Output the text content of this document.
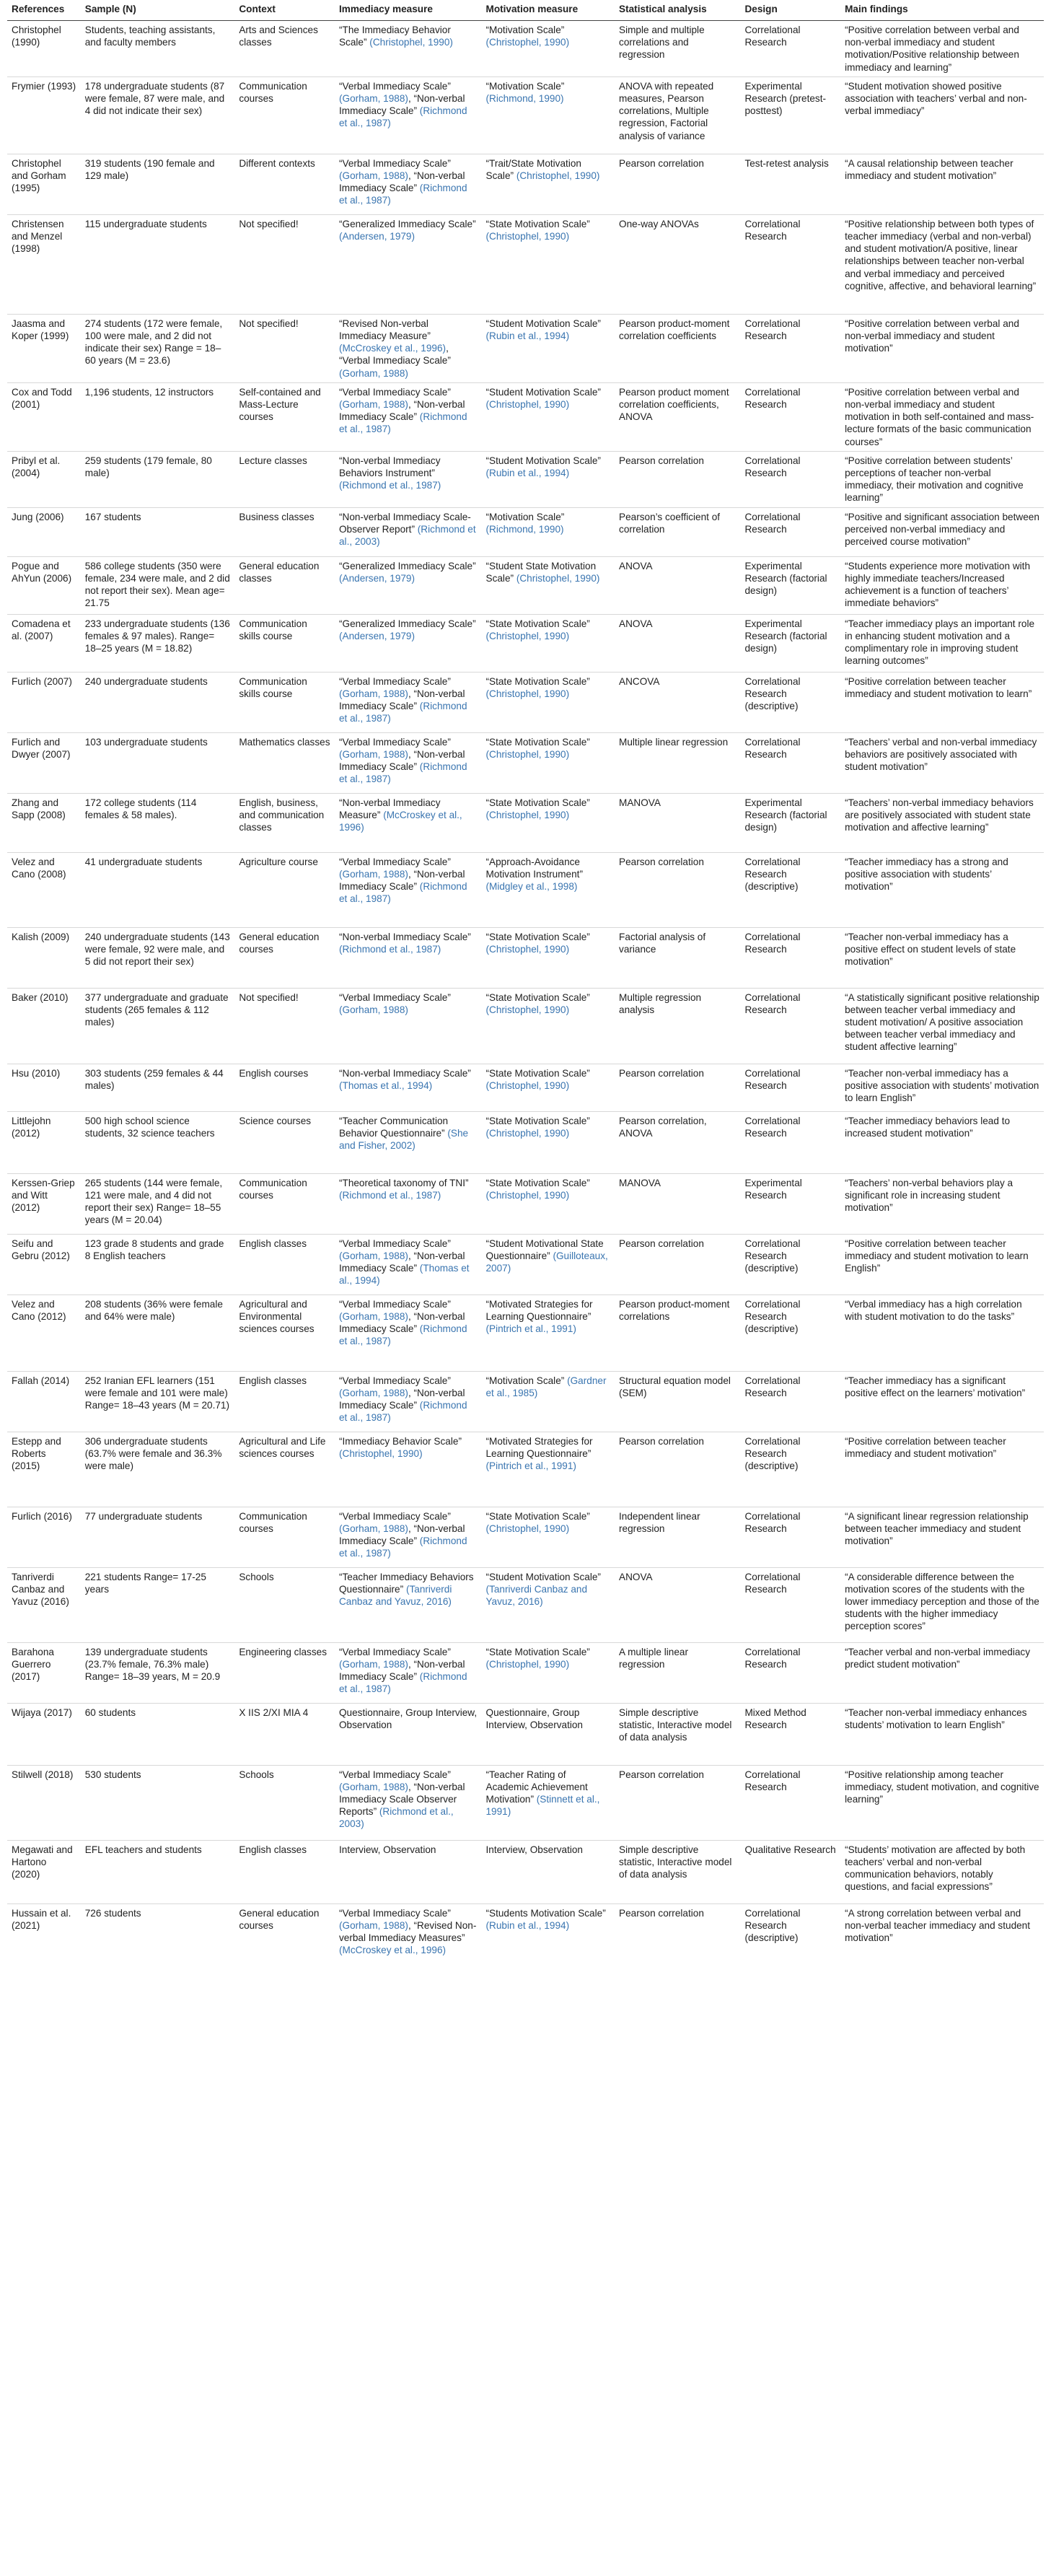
References	Sample (N)	Context	Immediacy measure	Motivation measure	Statistical analysis	Design	Main findings
Christophel (1990)	Students, teaching assistants, and faculty members	Arts and Sciences classes	“The Immediacy Behavior Scale” (Christophel, 1990)	“Motivation Scale” (Christophel, 1990)	Simple and multiple correlations and regression	Correlational Research	“Positive correlation between verbal and non-verbal immediacy and student motivation/Positive relationship between immediacy and learning”
Frymier (1993)	178 undergraduate students (87 were female, 87 were male, and 4 did not indicate their sex)	Communication courses	“Verbal Immediacy Scale” (Gorham, 1988), “Non-verbal Immediacy Scale” (Richmond et al., 1987)	“Motivation Scale” (Richmond, 1990)	ANOVA with repeated measures, Pearson correlations, Multiple regression, Factorial analysis of variance	Experimental Research (pretest-posttest)	“Student motivation showed positive association with teachers’ verbal and non-verbal immediacy”
Christophel and Gorham (1995)	319 students (190 female and 129 male)	Different contexts	“Verbal Immediacy Scale” (Gorham, 1988), “Non-verbal Immediacy Scale” (Richmond et al., 1987)	“Trait/State Motivation Scale” (Christophel, 1990)	Pearson correlation	Test-retest analysis	“A causal relationship between teacher immediacy and student motivation”
Christensen and Menzel (1998)	115 undergraduate students	Not specified!	“Generalized Immediacy Scale” (Andersen, 1979)	“State Motivation Scale” (Christophel, 1990)	One-way ANOVAs	Correlational Research	“Positive relationship between both types of teacher immediacy (verbal and non-verbal) and student motivation/A positive, linear relationships between teacher non-verbal and verbal immediacy and perceived cognitive, affective, and behavioral learning”
Jaasma and Koper (1999)	274 students (172 were female, 100 were male, and 2 did not indicate their sex) Range = 18–60 years (M = 23.6)	Not specified!	“Revised Non-verbal Immediacy Measure” (McCroskey et al., 1996), “Verbal Immediacy Scale” (Gorham, 1988)	“Student Motivation Scale” (Rubin et al., 1994)	Pearson product-moment correlation coefficients	Correlational Research	“Positive correlation between verbal and non-verbal immediacy and student motivation”
Cox and Todd (2001)	1,196 students, 12 instructors	Self-contained and Mass-Lecture courses	“Verbal Immediacy Scale” (Gorham, 1988), “Non-verbal Immediacy Scale” (Richmond et al., 1987)	“Student Motivation Scale” (Christophel, 1990)	Pearson product moment correlation coefficients, ANOVA	Correlational Research	“Positive correlation between verbal and non-verbal immediacy and student motivation in both self-contained and mass-lecture formats of the basic communication courses”
Pribyl et al. (2004)	259 students (179 female, 80 male)	Lecture classes	“Non-verbal Immediacy Behaviors Instrument” (Richmond et al., 1987)	“Student Motivation Scale” (Rubin et al., 1994)	Pearson correlation	Correlational Research	“Positive correlation between students’ perceptions of teacher non-verbal immediacy, their motivation and cognitive learning”
Jung (2006)	167 students	Business classes	“Non-verbal Immediacy Scale-Observer Report” (Richmond et al., 2003)	“Motivation Scale” (Richmond, 1990)	Pearson’s coefficient of correlation	Correlational Research	“Positive and significant association between perceived non-verbal immediacy and perceived course motivation”
Pogue and AhYun (2006)	586 college students (350 were female, 234 were male, and 2 did not report their sex). Mean age= 21.75	General education classes	“Generalized Immediacy Scale” (Andersen, 1979)	“Student State Motivation Scale” (Christophel, 1990)	ANOVA	Experimental Research (factorial design)	“Students experience more motivation with highly immediate teachers/Increased achievement is a function of teachers’ immediate behaviors”
Comadena et al. (2007)	233 undergraduate students (136 females & 97 males). Range= 18–25 years (M = 18.82)	Communication skills course	“Generalized Immediacy Scale” (Andersen, 1979)	“State Motivation Scale” (Christophel, 1990)	ANOVA	Experimental Research (factorial design)	“Teacher immediacy plays an important role in enhancing student motivation and a complimentary role in improving student learning outcomes”
Furlich (2007)	240 undergraduate students	Communication skills course	“Verbal Immediacy Scale” (Gorham, 1988), “Non-verbal Immediacy Scale” (Richmond et al., 1987)	“State Motivation Scale” (Christophel, 1990)	ANCOVA	Correlational Research (descriptive)	“Positive correlation between teacher immediacy and student motivation to learn”
Furlich and Dwyer (2007)	103 undergraduate students	Mathematics classes	“Verbal Immediacy Scale” (Gorham, 1988), “Non-verbal Immediacy Scale” (Richmond et al., 1987)	“State Motivation Scale” (Christophel, 1990)	Multiple linear regression	Correlational Research	“Teachers’ verbal and non-verbal immediacy behaviors are positively associated with student motivation”
Zhang and Sapp (2008)	172 college students (114 females & 58 males).	English, business, and communication classes	“Non-verbal Immediacy Measure” (McCroskey et al., 1996)	“State Motivation Scale” (Christophel, 1990)	MANOVA	Experimental Research (factorial design)	“Teachers’ non-verbal immediacy behaviors are positively associated with student state motivation and affective learning”
Velez and Cano (2008)	41 undergraduate students	Agriculture course	“Verbal Immediacy Scale” (Gorham, 1988), “Non-verbal Immediacy Scale” (Richmond et al., 1987)	“Approach-Avoidance Motivation Instrument” (Midgley et al., 1998)	Pearson correlation	Correlational Research (descriptive)	“Teacher immediacy has a strong and positive association with students’ motivation”
Kalish (2009)	240 undergraduate students (143 were female, 92 were male, and 5 did not report their sex)	General education courses	“Non-verbal Immediacy Scale” (Richmond et al., 1987)	“State Motivation Scale” (Christophel, 1990)	Factorial analysis of variance	Correlational Research	“Teacher non-verbal immediacy has a positive effect on student levels of state motivation”
Baker (2010)	377 undergraduate and graduate students (265 females & 112 males)	Not specified!	“Verbal Immediacy Scale” (Gorham, 1988)	“State Motivation Scale” (Christophel, 1990)	Multiple regression analysis	Correlational Research	“A statistically significant positive relationship between teacher verbal immediacy and student motivation/ A positive association between teacher verbal immediacy and student affective learning”
Hsu (2010)	303 students (259 females & 44 males)	English courses	“Non-verbal Immediacy Scale” (Thomas et al., 1994)	“State Motivation Scale” (Christophel, 1990)	Pearson correlation	Correlational Research	“Teacher non-verbal immediacy has a positive association with students’ motivation to learn English”
Littlejohn (2012)	500 high school science students, 32 science teachers	Science courses	“Teacher Communication Behavior Questionnaire” (She and Fisher, 2002)	“State Motivation Scale” (Christophel, 1990)	Pearson correlation, ANOVA	Correlational Research	“Teacher immediacy behaviors lead to increased student motivation”
Kerssen-Griep and Witt (2012)	265 students (144 were female, 121 were male, and 4 did not report their sex) Range= 18–55 years (M = 20.04)	Communication courses	“Theoretical taxonomy of TNI” (Richmond et al., 1987)	“State Motivation Scale” (Christophel, 1990)	MANOVA	Experimental Research	“Teachers’ non-verbal behaviors play a significant role in increasing student motivation”
Seifu and Gebru (2012)	123 grade 8 students and grade 8 English teachers	English classes	“Verbal Immediacy Scale” (Gorham, 1988), “Non-verbal Immediacy Scale” (Thomas et al., 1994)	“Student Motivational State Questionnaire” (Guilloteaux, 2007)	Pearson correlation	Correlational Research (descriptive)	“Positive correlation between teacher immediacy and student motivation to learn English”
Velez and Cano (2012)	208 students (36% were female and 64% were male)	Agricultural and Environmental sciences courses	“Verbal Immediacy Scale” (Gorham, 1988), “Non-verbal Immediacy Scale” (Richmond et al., 1987)	“Motivated Strategies for Learning Questionnaire” (Pintrich et al., 1991)	Pearson product-moment correlations	Correlational Research (descriptive)	“Verbal immediacy has a high correlation with student motivation to do the tasks”
Fallah (2014)	252 Iranian EFL learners (151 were female and 101 were male) Range= 18–43 years (M = 20.71)	English classes	“Verbal Immediacy Scale” (Gorham, 1988), “Non-verbal Immediacy Scale” (Richmond et al., 1987)	“Motivation Scale” (Gardner et al., 1985)	Structural equation model (SEM)	Correlational Research	“Teacher immediacy has a significant positive effect on the learners’ motivation”
Estepp and Roberts (2015)	306 undergraduate students (63.7% were female and 36.3% were male)	Agricultural and Life sciences courses	“Immediacy Behavior Scale” (Christophel, 1990)	“Motivated Strategies for Learning Questionnaire” (Pintrich et al., 1991)	Pearson correlation	Correlational Research (descriptive)	“Positive correlation between teacher immediacy and student motivation”
Furlich (2016)	77 undergraduate students	Communication courses	“Verbal Immediacy Scale” (Gorham, 1988), “Non-verbal Immediacy Scale” (Richmond et al., 1987)	“State Motivation Scale” (Christophel, 1990)	Independent linear regression	Correlational Research	“A significant linear regression relationship between teacher immediacy and student motivation”
Tanriverdi Canbaz and Yavuz (2016)	221 students Range= 17-25 years	Schools	“Teacher Immediacy Behaviors Questionnaire” (Tanriverdi Canbaz and Yavuz, 2016)	“Student Motivation Scale” (Tanriverdi Canbaz and Yavuz, 2016)	ANOVA	Correlational Research	“A considerable difference between the motivation scores of the students with the lower immediacy perception and those of the students with the higher immediacy perception scores”
Barahona Guerrero (2017)	139 undergraduate students (23.7% female, 76.3% male) Range= 18–39 years, M = 20.9	Engineering classes	“Verbal Immediacy Scale” (Gorham, 1988), “Non-verbal Immediacy Scale” (Richmond et al., 1987)	“State Motivation Scale” (Christophel, 1990)	A multiple linear regression	Correlational Research	“Teacher verbal and non-verbal immediacy predict student motivation”
Wijaya (2017)	60 students	X IIS 2/XI MIA 4	Questionnaire, Group Interview, Observation	Questionnaire, Group Interview, Observation	Simple descriptive statistic, Interactive model of data analysis	Mixed Method Research	“Teacher non-verbal immediacy enhances students’ motivation to learn English”
Stilwell (2018)	530 students	Schools	“Verbal Immediacy Scale” (Gorham, 1988), “Non-verbal Immediacy Scale Observer Reports” (Richmond et al., 2003)	“Teacher Rating of Academic Achievement Motivation” (Stinnett et al., 1991)	Pearson correlation	Correlational Research	“Positive relationship among teacher immediacy, student motivation, and cognitive learning”
Megawati and Hartono (2020)	EFL teachers and students	English classes	Interview, Observation	Interview, Observation	Simple descriptive statistic, Interactive model of data analysis	Qualitative Research	“Students’ motivation are affected by both teachers’ verbal and non-verbal communication behaviors, notably questions, and facial expressions”
Hussain et al. (2021)	726 students	General education courses	“Verbal Immediacy Scale” (Gorham, 1988), “Revised Non-verbal Immediacy Measures” (McCroskey et al., 1996)	“Students Motivation Scale” (Rubin et al., 1994)	Pearson correlation	Correlational Research (descriptive)	“A strong correlation between verbal and non-verbal teacher immediacy and student motivation”
